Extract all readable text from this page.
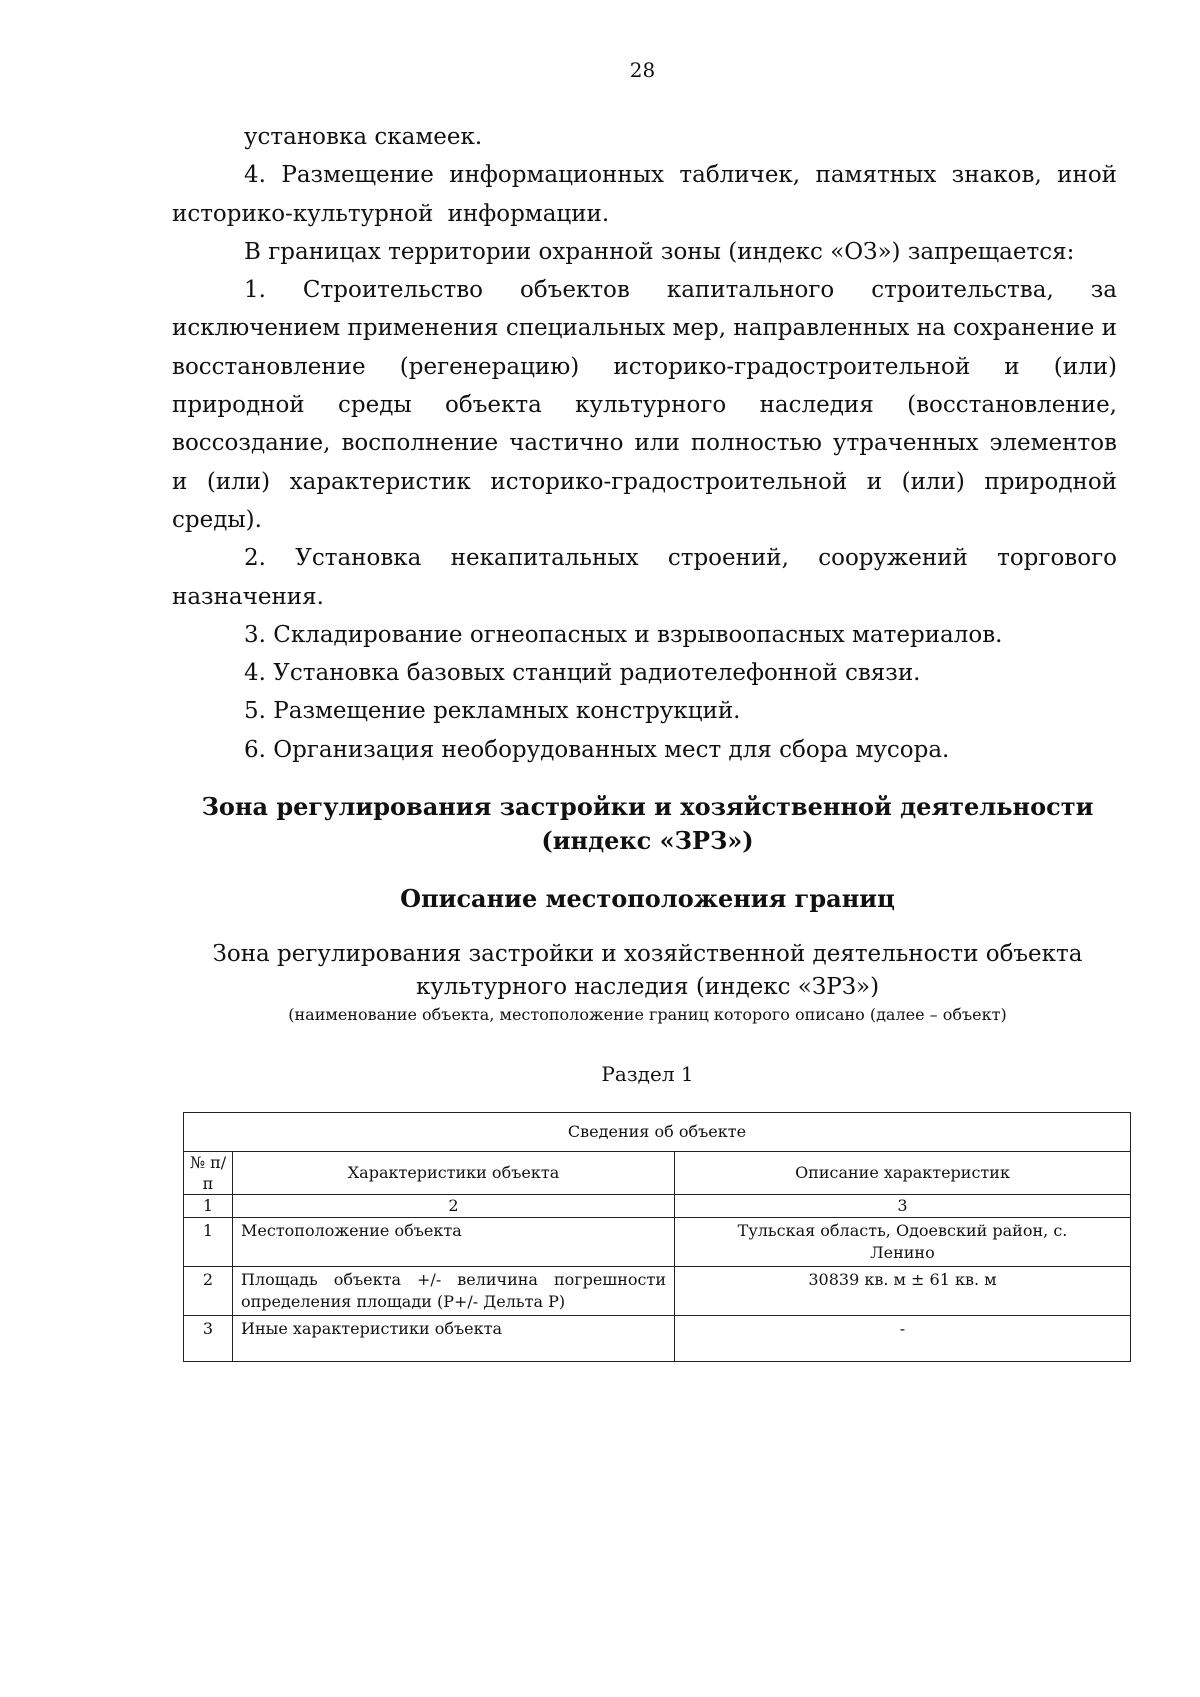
28

установка скамеек.

4. Размещение информационных табличек, памятных знаков, иной историко-культурной информации.

В границах территории охранной зоны (индекс «ОЗ») запрещается:

1. Строительство объектов капитального строительства, за исключением применения специальных мер, направленных на сохранение и восстановление (регенерацию) историко-градостроительной и (или) природной среды объекта культурного наследия (восстановление, воссоздание, восполнение частично или полностью утраченных элементов и (или) характеристик историко-градостроительной и (или) природной среды).

2. Установка некапитальных строений, сооружений торгового назначения.

3. Складирование огнеопасных и взрывоопасных материалов.

4. Установка базовых станций радиотелефонной связи.

5. Размещение рекламных конструкций.

6. Организация необорудованных мест для сбора мусора.

Зона регулирования застройки и хозяйственной деятельности
(индекс «ЗРЗ»)
Описание местоположения границ
Зона регулирования застройки и хозяйственной деятельности объекта
культурного наследия (индекс «ЗРЗ»)
(наименование объекта, местоположение границ которого описано (далее – объект)
Раздел 1
Сведения об объекте		
№ п/п	Характеристики объекта	Описание характеристик
1	2	3
1	Местоположение объекта	Тульская область, Одоевский район, с. Ленино
2	Площадь объекта +/- величина погрешности определения площади (Р+/- Дельта Р)	30839 кв. м ± 61 кв. м
3	Иные характеристики объекта	-
